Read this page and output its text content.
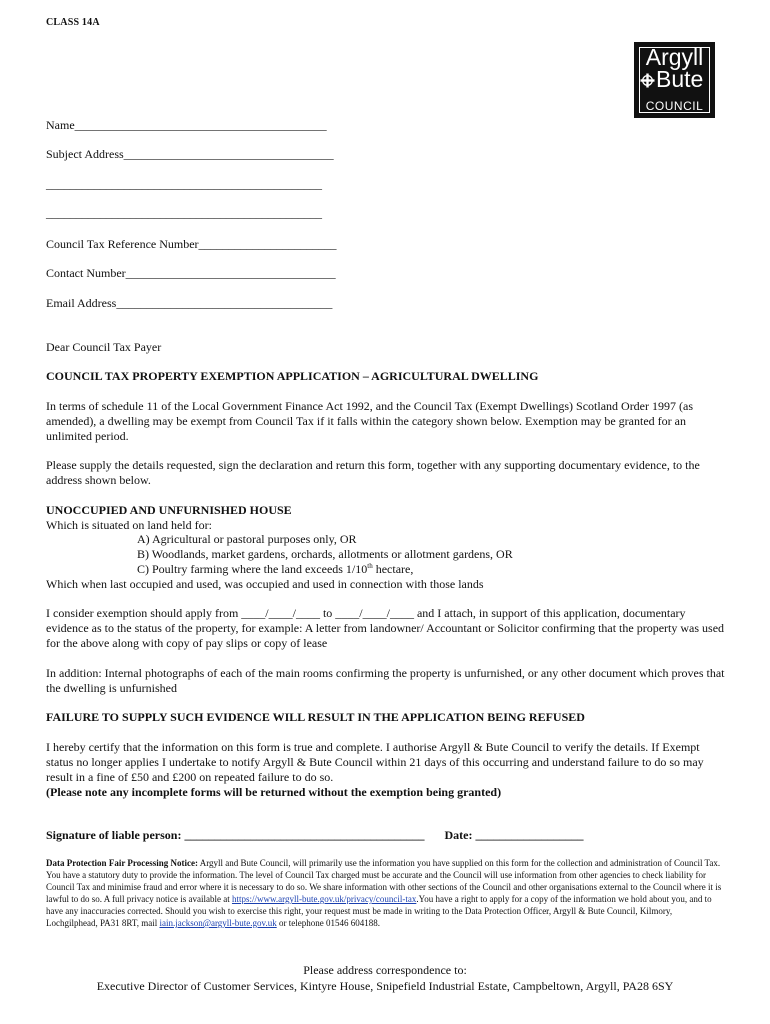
CLASS 14A
Argyll
Bute
COUNCIL
Name__________________________________________
Subject Address___________________________________
______________________________________________
______________________________________________
Council Tax Reference Number_______________________
Contact Number___________________________________
Email Address____________________________________
Dear Council Tax Payer
COUNCIL TAX PROPERTY EXEMPTION APPLICATION – AGRICULTURAL DWELLING
In terms of schedule 11 of the Local Government Finance Act 1992, and the Council Tax (Exempt Dwellings) Scotland Order 1997 (as amended), a dwelling may be exempt from Council Tax if it falls within the category shown below. Exemption may be granted for an unlimited period.
Please supply the details requested, sign the declaration and return this form, together with any supporting documentary evidence, to the address shown below.
UNOCCUPIED AND UNFURNISHED HOUSE
Which is situated on land held for:
A) Agricultural or pastoral purposes only, OR
B) Woodlands, market gardens, orchards, allotments or allotment gardens, OR
C) Poultry farming where the land exceeds 1/10th hectare,
Which when last occupied and used, was occupied and used in connection with those lands
I consider exemption should apply from ____/____/____ to ____/____/____ and I attach, in support of this application, documentary evidence as to the status of the property, for example: A letter from landowner/ Accountant or Solicitor confirming that the property was used for the above along with copy of pay slips or copy of lease
In addition: Internal photographs of each of the main rooms confirming the property is unfurnished, or any other document which proves that the dwelling is unfurnished
FAILURE TO SUPPLY SUCH EVIDENCE WILL RESULT IN THE APPLICATION BEING REFUSED
I hereby certify that the information on this form is true and complete. I authorise Argyll & Bute Council to verify the details. If Exempt status no longer applies I undertake to notify Argyll & Bute Council within 21 days of this occurring and understand failure to do so may result in a fine of £50 and £200 on repeated failure to do so.
(Please note any incomplete forms will be returned without the exemption being granted)
Signature of liable person: ________________________________________ Date: __________________
Data Protection Fair Processing Notice: Argyll and Bute Council, will primarily use the information you have supplied on this form for the collection and administration of Council Tax. You have a statutory duty to provide the information. The level of Council Tax charged must be accurate and the Council will use information from other agencies to check liability for Council Tax and minimise fraud and error where it is necessary to do so. We share information with other sections of the Council and other organisations external to the Council where it is lawful to do so. A full privacy notice is available at https://www.argyll-bute.gov.uk/privacy/council-tax.You have a right to apply for a copy of the information we hold about you, and to have any inaccuracies corrected. Should you wish to exercise this right, your request must be made in writing to the Data Protection Officer, Argyll & Bute Council, Kilmory, Lochgilphead, PA31 8RT, mail iain.jackson@argyll-bute.gov.uk or telephone 01546 604188.
Please address correspondence to:
Executive Director of Customer Services, Kintyre House, Snipefield Industrial Estate, Campbeltown, Argyll, PA28 6SY
